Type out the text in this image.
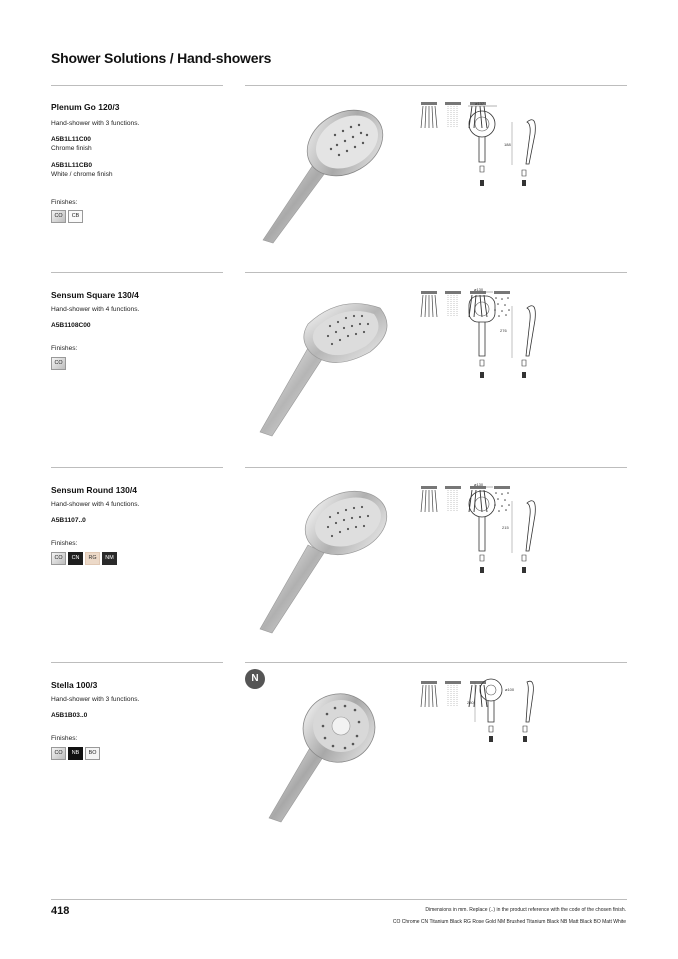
Shower Solutions / Hand-showers
Plenum Go 120/3
Hand-shower with 3 functions.
A5B1L11C00
Chrome finish
A5B1L11CB0
White / chrome finish
Finishes:
CO	CB

ø137
188
Sensum Square 130/4
Hand-shower with 4 functions.
A5B1108C00
Finishes:
CO

ø130
276
Sensum Round 130/4
Hand-shower with 4 functions.
A5B1107..0
Finishes:
CO	CN	RG	NM

ø130
215
Stella 100/3
Hand-shower with 3 functions.
A5B1B03..0
Finishes:
CO	NB	BO
N

ø100
230
418	Dimensions in mm. Replace (..) in the product reference with the code of the chosen finish.
CO Chrome CN Titanium Black RG Rose Gold NM Brushed Titanium Black NB Matt Black BO Matt White
